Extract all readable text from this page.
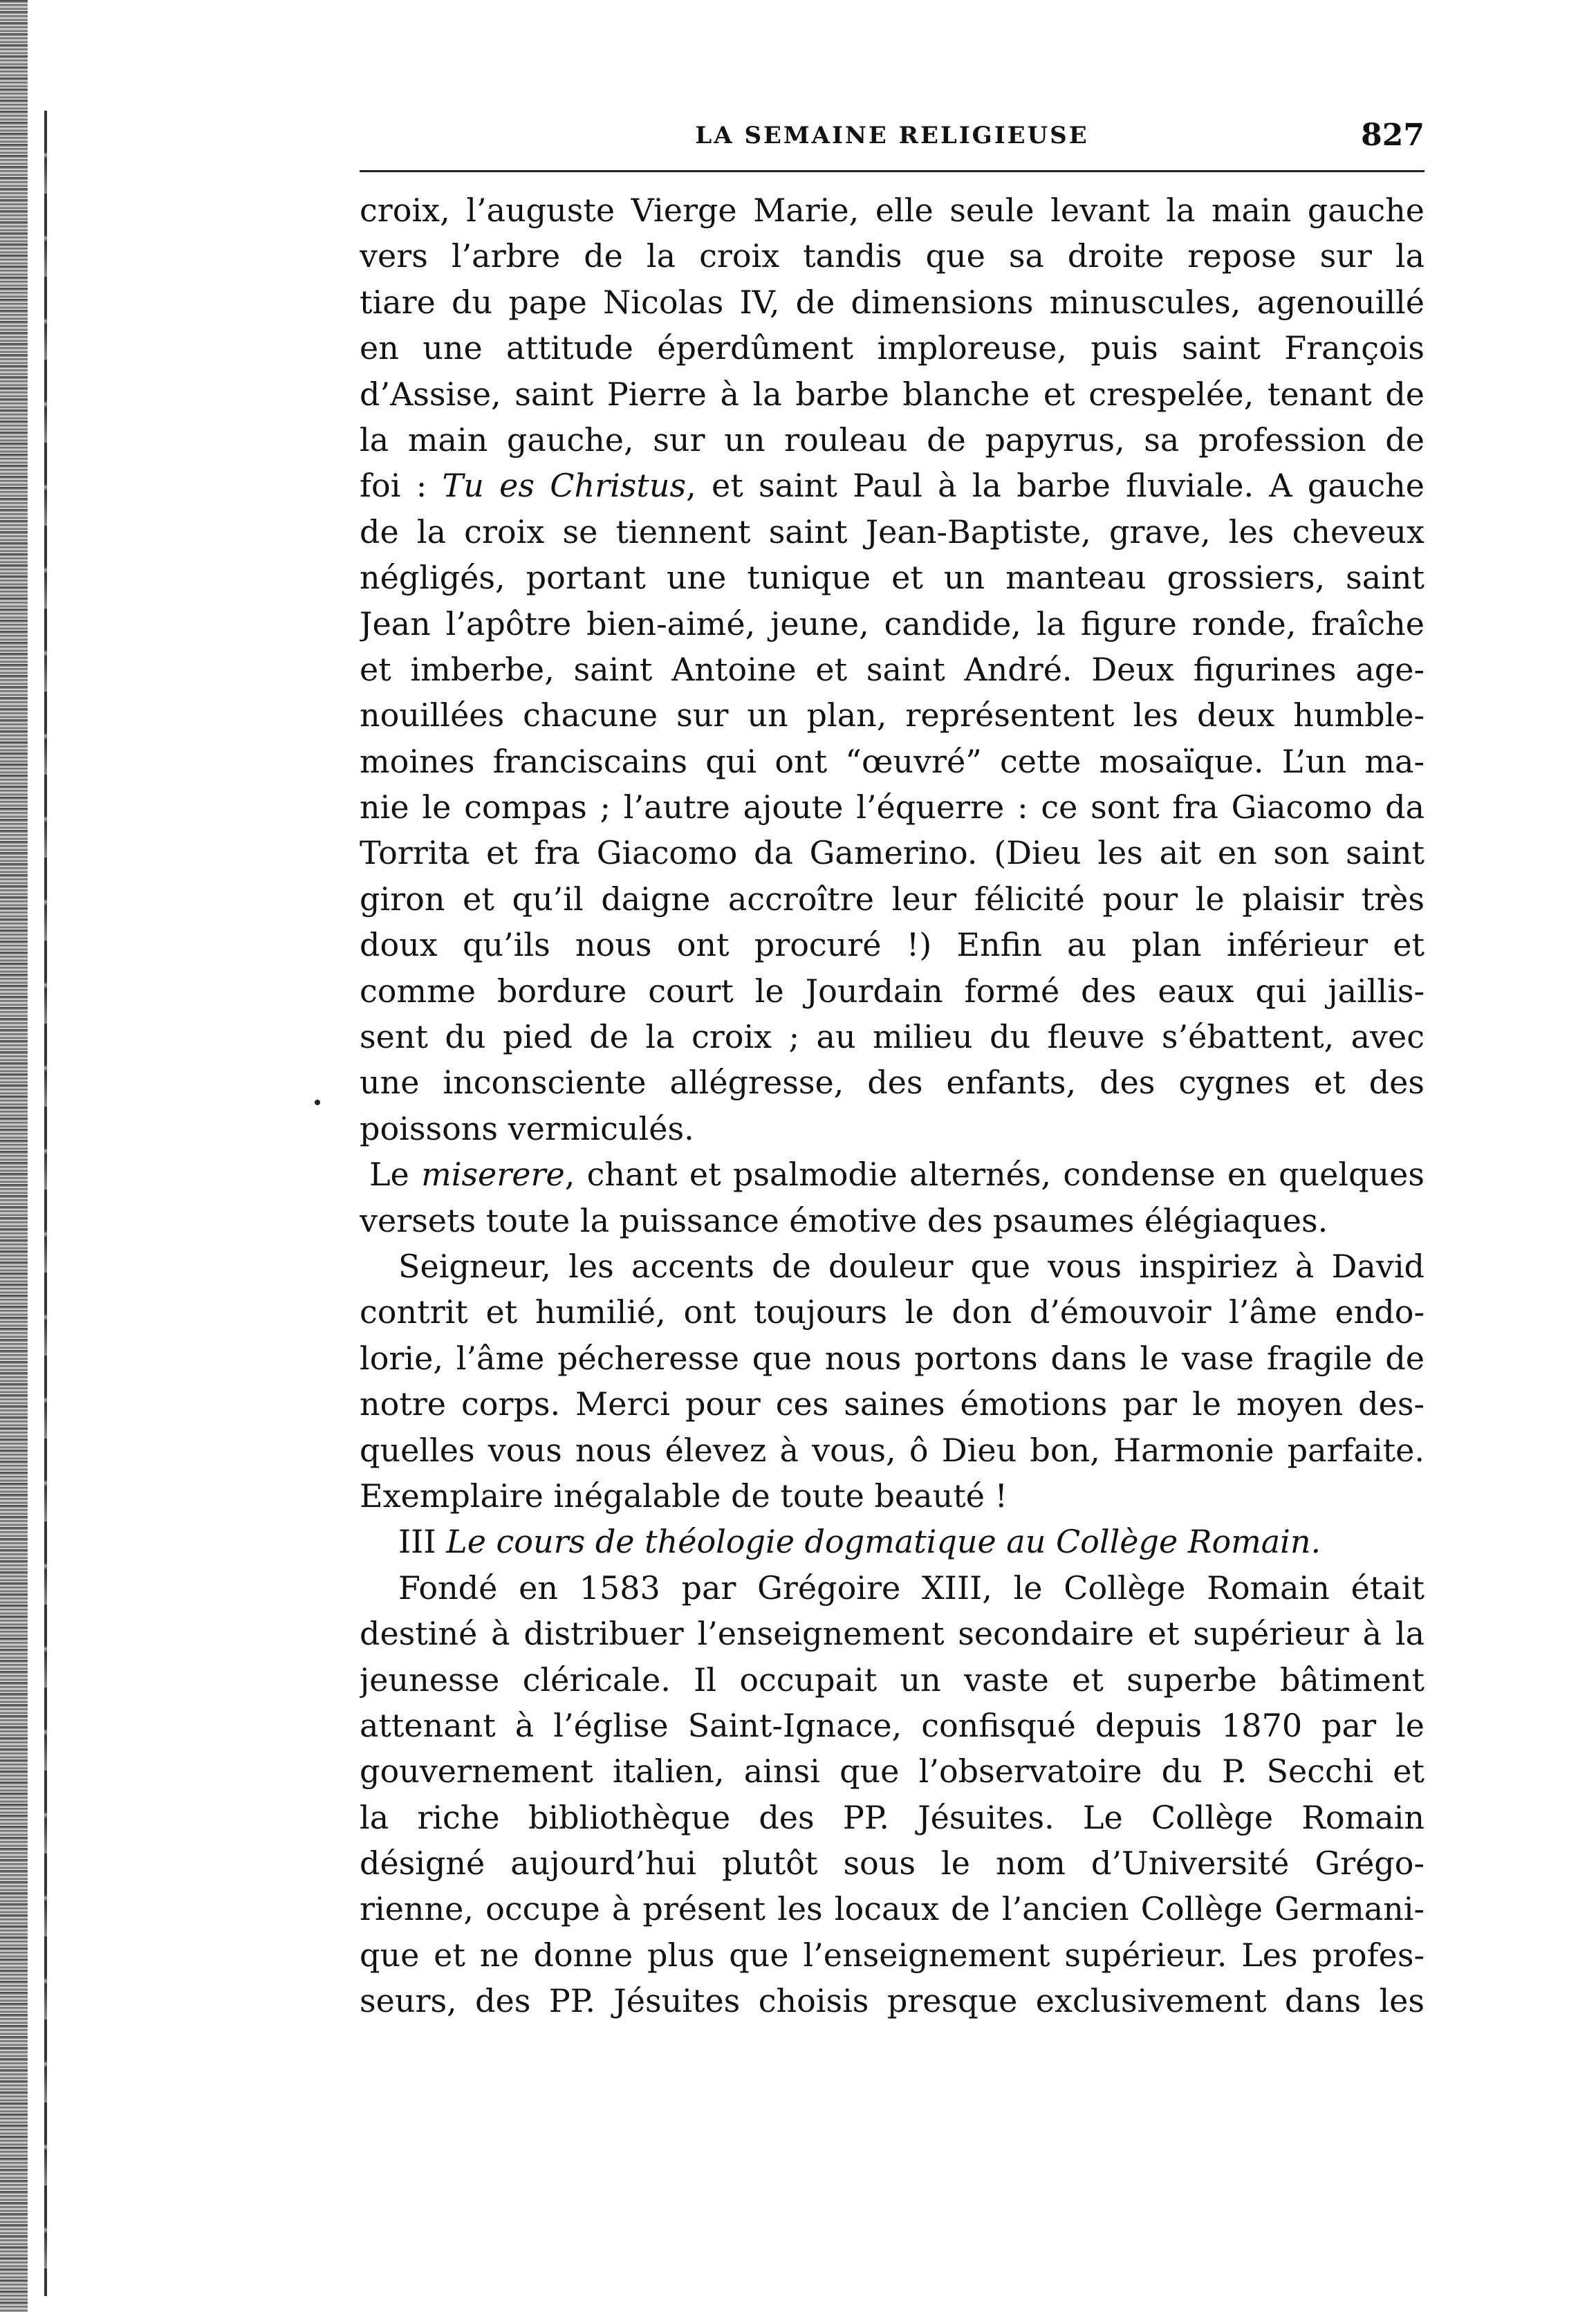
LA SEMAINE RELIGIEUSE	827
croix, l’auguste Vierge Marie, elle seule levant la main gauche
vers l’arbre de la croix tandis que sa droite repose sur la
tiare du pape Nicolas IV, de dimensions minuscules, agenouillé
en une attitude éperdûment imploreuse, puis saint François
d’Assise, saint Pierre à la barbe blanche et crespelée, tenant de
la main gauche, sur un rouleau de papyrus, sa profession de
foi : Tu es Christus, et saint Paul à la barbe fluviale. A gauche
de la croix se tiennent saint Jean-Baptiste, grave, les cheveux
négligés, portant une tunique et un manteau grossiers, saint
Jean l’apôtre bien-aimé, jeune, candide, la figure ronde, fraîche
et imberbe, saint Antoine et saint André. Deux figurines age-
nouillées chacune sur un plan, représentent les deux humble-
moines franciscains qui ont “œuvré” cette mosaïque. L’un ma-
nie le compas ; l’autre ajoute l’équerre : ce sont fra Giacomo da
Torrita et fra Giacomo da Gamerino. (Dieu les ait en son saint
giron et qu’il daigne accroître leur félicité pour le plaisir très
doux qu’ils nous ont procuré !) Enfin au plan inférieur et
comme bordure court le Jourdain formé des eaux qui jaillis-
sent du pied de la croix ; au milieu du fleuve s’ébattent, avec
une inconsciente allégresse, des enfants, des cygnes et des
poissons vermiculés.
Le miserere, chant et psalmodie alternés, condense en quelques
versets toute la puissance émotive des psaumes élégiaques.
Seigneur, les accents de douleur que vous inspiriez à David
contrit et humilié, ont toujours le don d’émouvoir l’âme endo-
lorie, l’âme pécheresse que nous portons dans le vase fragile de
notre corps. Merci pour ces saines émotions par le moyen des-
quelles vous nous élevez à vous, ô Dieu bon, Harmonie parfaite.
Exemplaire inégalable de toute beauté !
III Le cours de théologie dogmatique au Collège Romain.
Fondé en 1583 par Grégoire XIII, le Collège Romain était
destiné à distribuer l’enseignement secondaire et supérieur à la
jeunesse cléricale. Il occupait un vaste et superbe bâtiment
attenant à l’église Saint-Ignace, confisqué depuis 1870 par le
gouvernement italien, ainsi que l’observatoire du P. Secchi et
la riche bibliothèque des PP. Jésuites. Le Collège Romain
désigné aujourd’hui plutôt sous le nom d’Université Grégo-
rienne, occupe à présent les locaux de l’ancien Collège Germani-
que et ne donne plus que l’enseignement supérieur. Les profes-
seurs, des PP. Jésuites choisis presque exclusivement dans les
